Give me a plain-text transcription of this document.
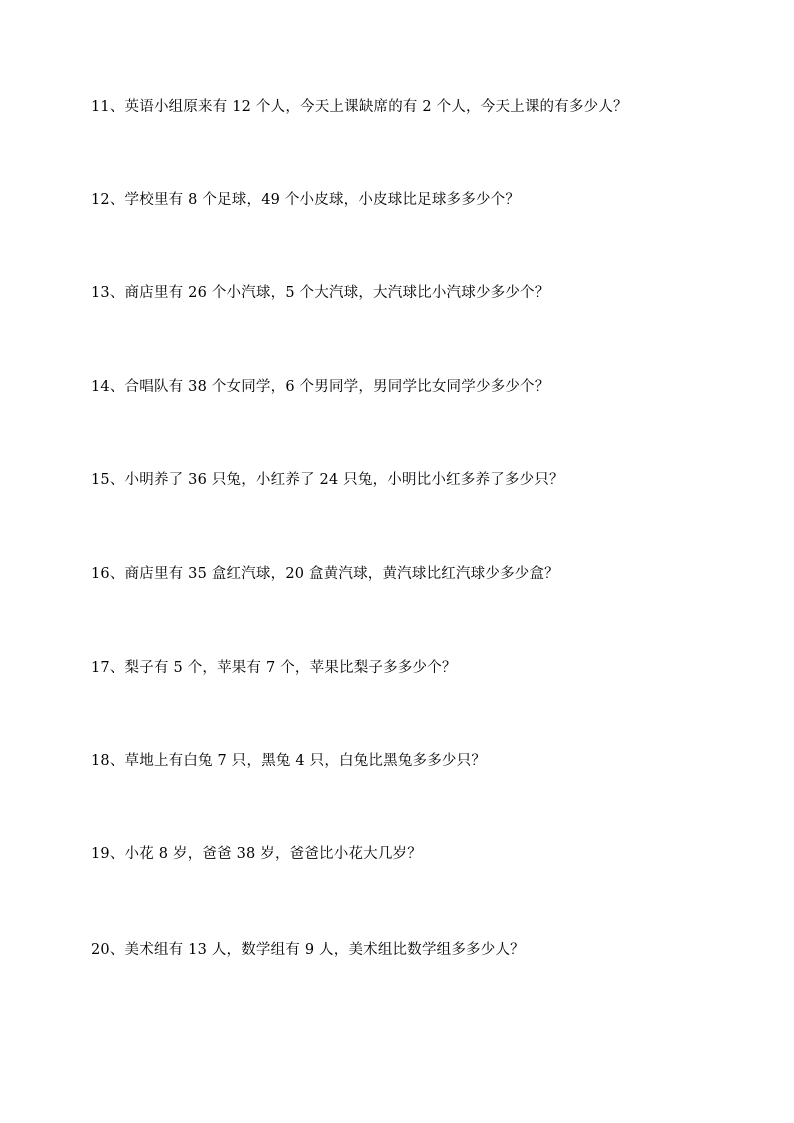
11、英语小组原来有 12 个人，今天上课缺席的有 2 个人，今天上课的有多少人？
12、学校里有 8 个足球，49 个小皮球，小皮球比足球多多少个？
13、商店里有 26 个小汽球，5 个大汽球，大汽球比小汽球少多少个？
14、合唱队有 38 个女同学，6 个男同学，男同学比女同学少多少个？
15、小明养了 36 只兔，小红养了 24 只兔，小明比小红多养了多少只？
16、商店里有 35 盒红汽球，20 盒黄汽球，黄汽球比红汽球少多少盒？
17、梨子有 5 个，苹果有 7 个，苹果比梨子多多少个？
18、草地上有白兔 7 只，黑兔 4 只，白兔比黑兔多多少只？
19、小花 8 岁，爸爸 38 岁，爸爸比小花大几岁？
20、美术组有 13 人，数学组有 9 人，美术组比数学组多多少人？
